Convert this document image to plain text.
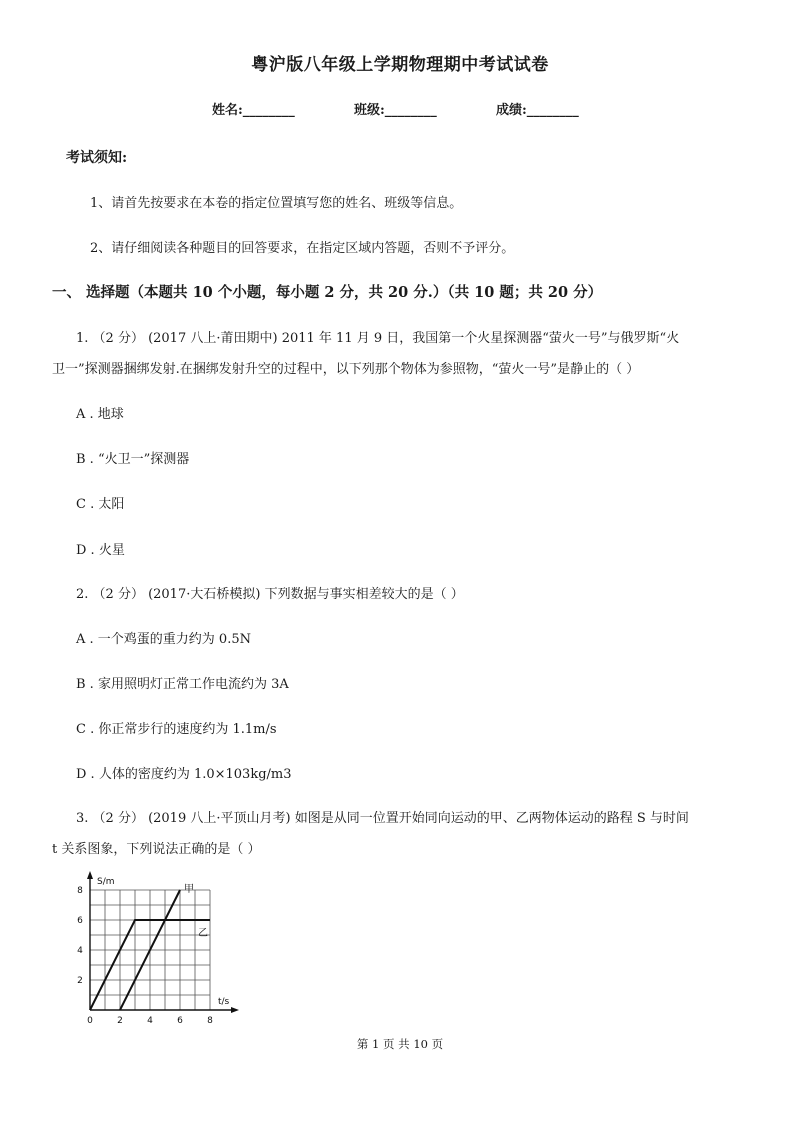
粤沪版八年级上学期物理期中考试试卷
姓名:________	班级:________	成绩:________
考试须知:
1、请首先按要求在本卷的指定位置填写您的姓名、班级等信息。
2、请仔细阅读各种题目的回答要求，在指定区域内答题，否则不予评分。
一、 选择题（本题共 10 个小题，每小题 2 分，共 20 分.）（共 10 题；共 20 分）
1. （2 分） (2017 八上·莆田期中) 2011 年 11 月 9 日，我国第一个火星探测器“萤火一号”与俄罗斯“火
卫一”探测器捆绑发射.在捆绑发射升空的过程中，以下列那个物体为参照物，“萤火一号”是静止的（ ）
A . 地球
B . “火卫一”探测器
C . 太阳
D . 火星
2. （2 分） (2017·大石桥模拟) 下列数据与事实相差较大的是（ ）
A . 一个鸡蛋的重力约为 0.5N
B . 家用照明灯正常工作电流约为 3A
C . 你正常步行的速度约为 1.1m/s
D . 人体的密度约为 1.0×103kg/m3
3. （2 分） (2019 八上·平顶山月考) 如图是从同一位置开始同向运动的甲、乙两物体运动的路程 S 与时间
t 关系图象，下列说法正确的是（ ）
S/m
t/s
0	2	4	6	8
2
4
6
8	甲
乙
第 1 页 共 10 页
